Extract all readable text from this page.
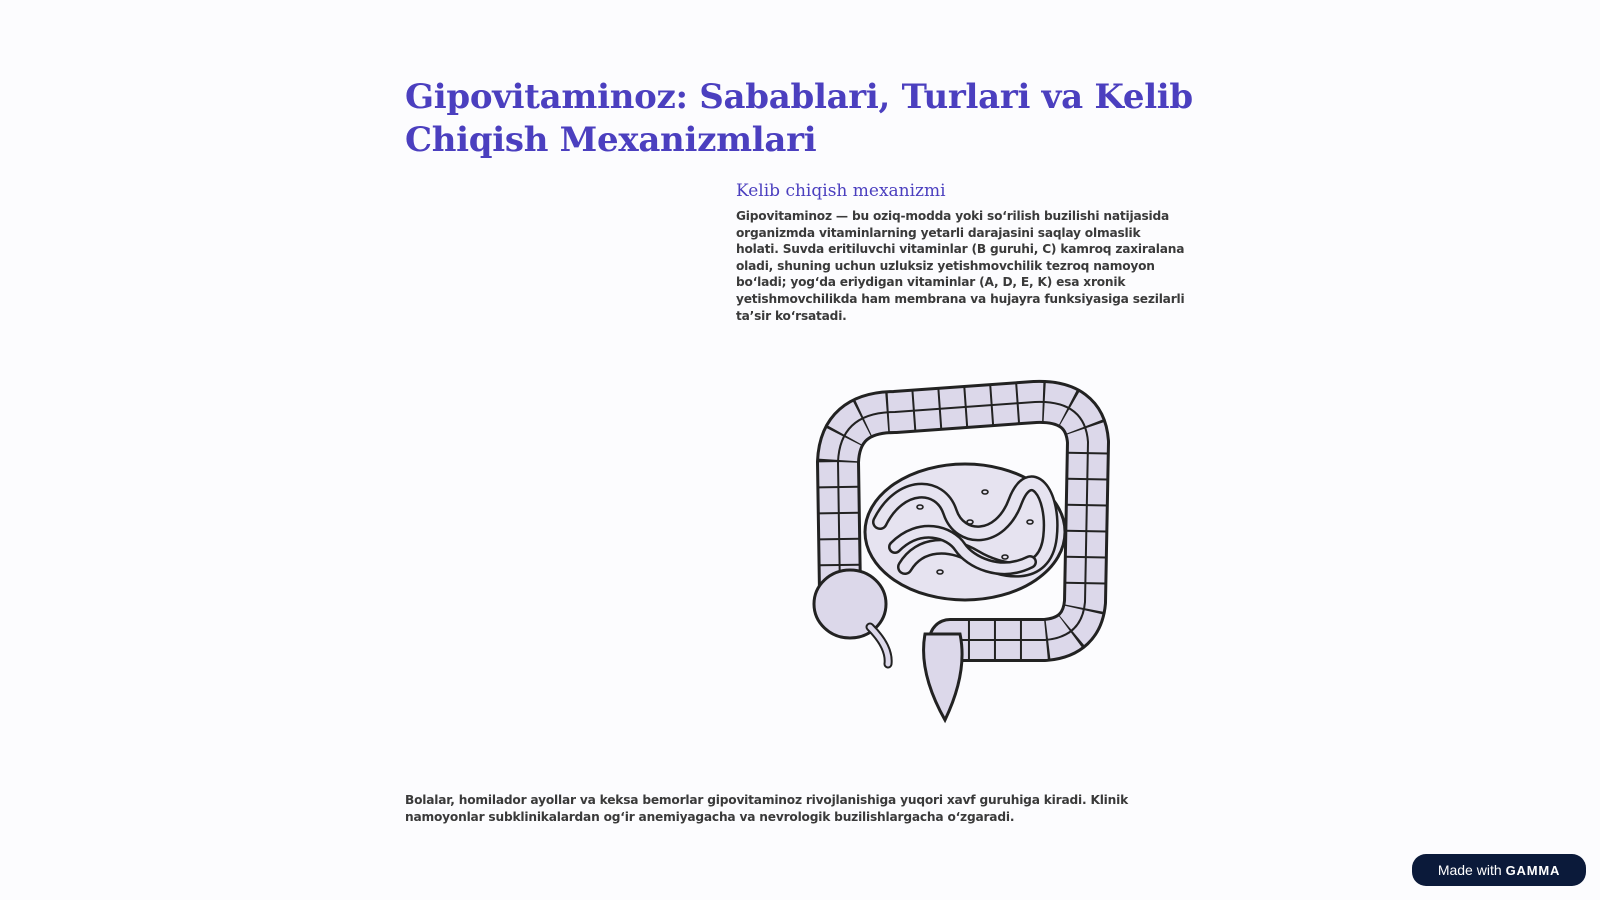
Gipovitaminoz: Sabablari, Turlari va Kelib Chiqish Mexanizmlari
Kelib chiqish mexanizmi

Gipovitaminoz — bu oziq-modda yoki so‘rilish buzilishi natijasida organizmda vitaminlarning yetarli darajasini saqlay olmaslik holati. Suvda eritiluvchi vitaminlar (B guruhi, C) kamroq zaxiralana oladi, shuning uchun uzluksiz yetishmovchilik tezroq namoyon bo‘ladi; yog‘da eriydigan vitaminlar (A, D, E, K) esa xronik yetishmovchilikda ham membrana va hujayra funksiyasiga sezilarli ta’sir ko‘rsatadi.

Bolalar, homilador ayollar va keksa bemorlar gipovitaminoz rivojlanishiga yuqori xavf guruhiga kiradi. Klinik namoyonlar subklinikalardan og‘ir anemiyagacha va nevrologik buzilishlargacha o‘zgaradi.

Made with GAMMA
